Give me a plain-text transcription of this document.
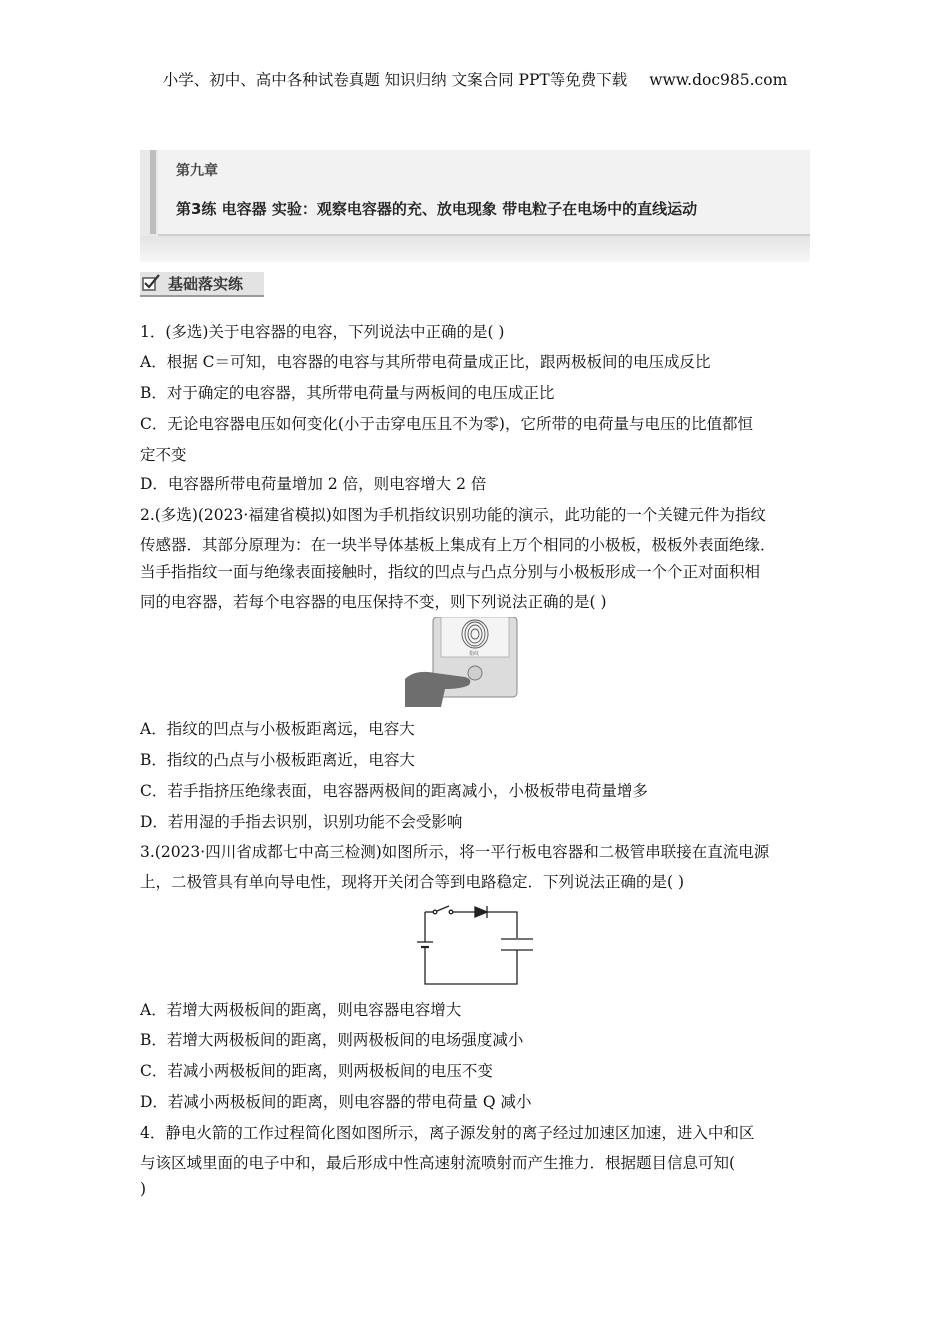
小学、初中、高中各种试卷真题 知识归纳 文案合同 PPT等免费下载 www.doc985.com
第九章
第3练 电容器 实验：观察电容器的充、放电现象 带电粒子在电场中的直线运动
基础落实练
1．(多选)关于电容器的电容，下列说法中正确的是( )
A．根据 C＝可知，电容器的电容与其所带电荷量成正比，跟两极板间的电压成反比
B．对于确定的电容器，其所带电荷量与两板间的电压成正比
C．无论电容器电压如何变化(小于击穿电压且不为零)，它所带的电荷量与电压的比值都恒
定不变
D．电容器所带电荷量增加 2 倍，则电容增大 2 倍
2.(多选)(2023·福建省模拟)如图为手机指纹识别功能的演示，此功能的一个关键元件为指纹
传感器．其部分原理为：在一块半导体基板上集成有上万个相同的小极板，极板外表面绝缘．
当手指指纹一面与绝缘表面接触时，指纹的凹点与凸点分别与小极板形成一个个正对面积相
同的电容器，若每个电容器的电压保持不变，则下列说法正确的是( )
指纹
A．指纹的凹点与小极板距离远，电容大
B．指纹的凸点与小极板距离近，电容大
C．若手指挤压绝缘表面，电容器两极间的距离减小，小极板带电荷量增多
D．若用湿的手指去识别，识别功能不会受影响
3.(2023·四川省成都七中高三检测)如图所示，将一平行板电容器和二极管串联接在直流电源
上，二极管具有单向导电性，现将开关闭合等到电路稳定．下列说法正确的是( )
A．若增大两极板间的距离，则电容器电容增大
B．若增大两极板间的距离，则两极板间的电场强度减小
C．若减小两极板间的距离，则两极板间的电压不变
D．若减小两极板间的距离，则电容器的带电荷量 Q 减小
4．静电火箭的工作过程简化图如图所示，离子源发射的离子经过加速区加速，进入中和区
与该区域里面的电子中和，最后形成中性高速射流喷射而产生推力．根据题目信息可知(
)
